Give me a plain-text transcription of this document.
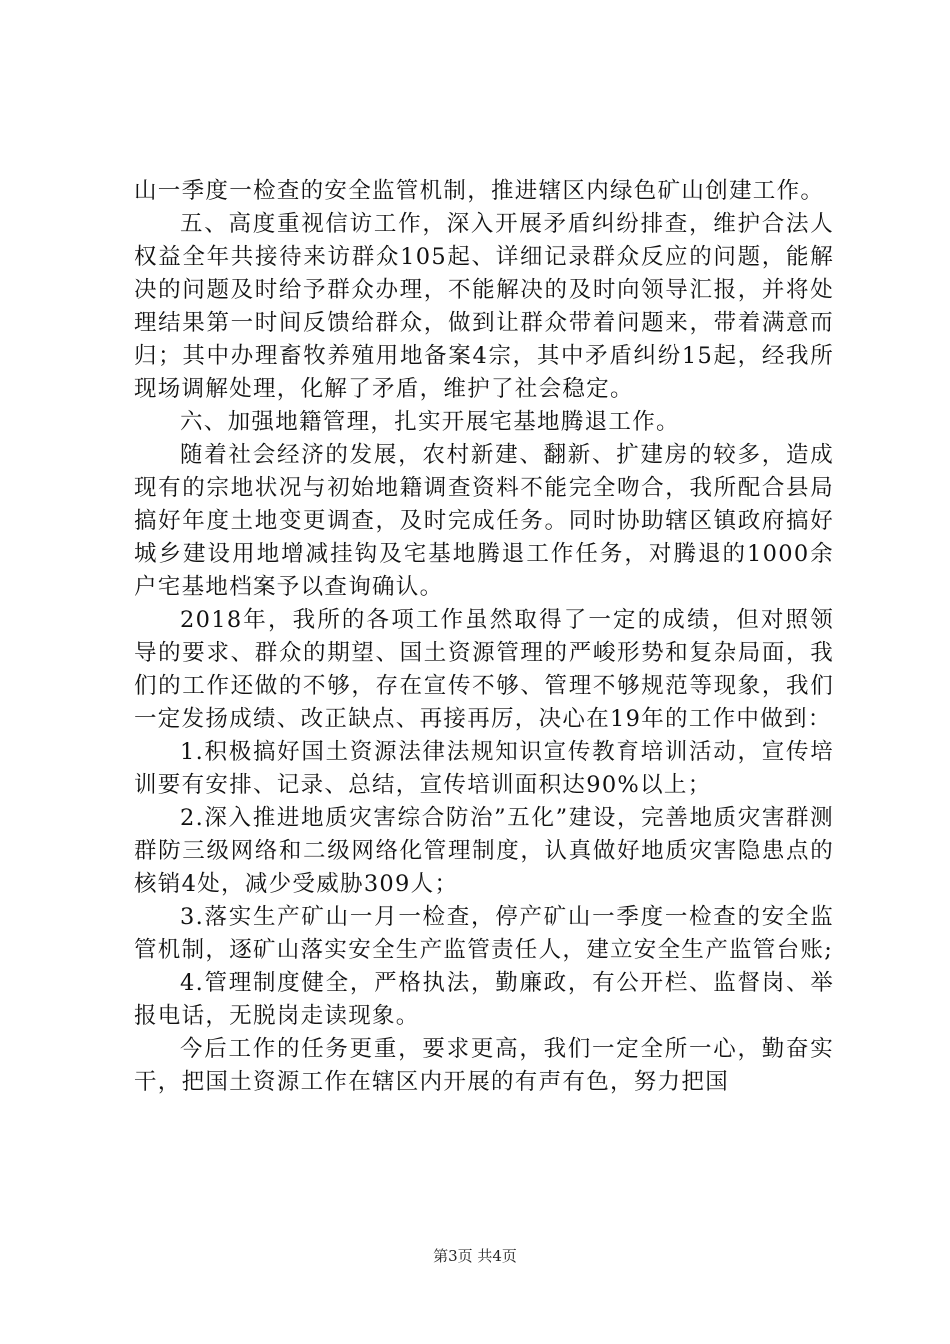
山一季度一检查的安全监管机制，推进辖区内绿色矿山创建工作。

五、高度重视信访工作，深入开展矛盾纠纷排查，维护合法人权益全年共接待来访群众105起、详细记录群众反应的问题，能解决的问题及时给予群众办理，不能解决的及时向领导汇报，并将处理结果第一时间反馈给群众，做到让群众带着问题来，带着满意而归；其中办理畜牧养殖用地备案4宗，其中矛盾纠纷15起，经我所现场调解处理，化解了矛盾，维护了社会稳定。

六、加强地籍管理，扎实开展宅基地腾退工作。

随着社会经济的发展，农村新建、翻新、扩建房的较多，造成现有的宗地状况与初始地籍调查资料不能完全吻合，我所配合县局搞好年度土地变更调查，及时完成任务。同时协助辖区镇政府搞好城乡建设用地增减挂钩及宅基地腾退工作任务，对腾退的1000余户宅基地档案予以查询确认。

2018年，我所的各项工作虽然取得了一定的成绩，但对照领导的要求、群众的期望、国土资源管理的严峻形势和复杂局面，我们的工作还做的不够，存在宣传不够、管理不够规范等现象，我们一定发扬成绩、改正缺点、再接再厉，决心在19年的工作中做到：

1.积极搞好国土资源法律法规知识宣传教育培训活动，宣传培训要有安排、记录、总结，宣传培训面积达90%以上；

2.深入推进地质灾害综合防治”五化”建设，完善地质灾害群测群防三级网络和二级网络化管理制度，认真做好地质灾害隐患点的核销4处，减少受威胁309人；

3.落实生产矿山一月一检查，停产矿山一季度一检查的安全监管机制，逐矿山落实安全生产监管责任人，建立安全生产监管台账;

4.管理制度健全，严格执法，勤廉政，有公开栏、监督岗、举报电话，无脱岗走读现象。

今后工作的任务更重，要求更高，我们一定全所一心，勤奋实干，把国土资源工作在辖区内开展的有声有色，努力把国

第3页 共4页
